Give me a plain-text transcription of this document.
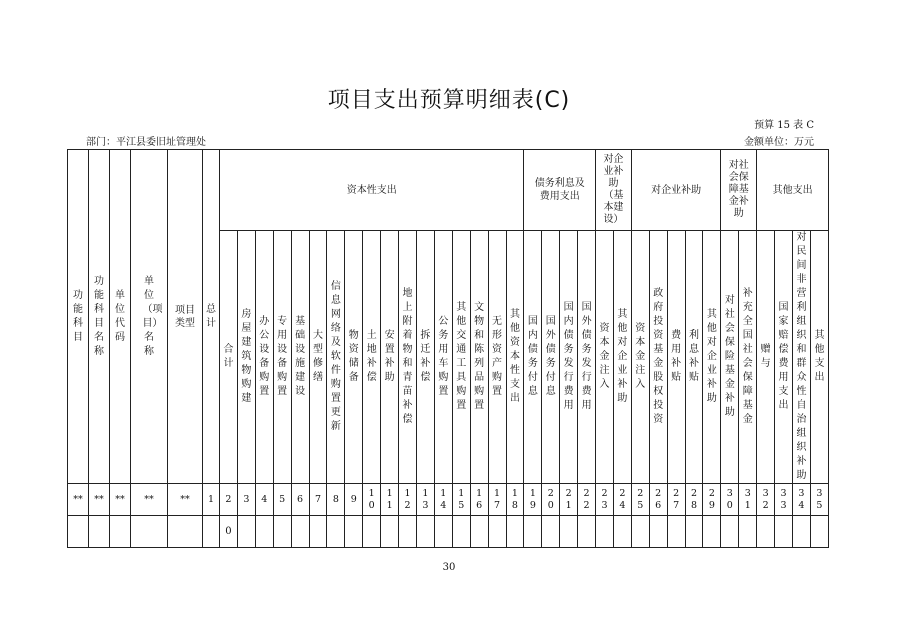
项目支出预算明细表(C)
预算 15 表 C
部门：平江县委旧址管理处	金额单位：万元
功能科目	功能科目名称	单位代码	单位（项目）名称	项目类型	总计	资本性支出																	债务利息及费用支出				对企业补助（基本建设）		对企业补助					对社会保障基金补助		其他支出			
						合计	房屋建筑物购建	办公设备购置	专用设备购置	基础设施建设	大型修缮	信息网络及软件购置更新	物资储备	土地补偿	安置补助	地上附着物和青苗补偿	拆迁补偿	公务用车购置	其他交通工具购置	文物和陈列品购置	无形资产购置	其他资本性支出	国内债务付息	国外债务付息	国内债务发行费用	国外债务发行费用	资本金注入	其他对企业补助	资本金注入	政府投资基金股权投资	费用补贴	利息补贴	其他对企业补助	对社会保险基金补助	补充全国社会保障基金	赠与	国家赔偿费用支出	对民间非营利组织和群众性自治组织补助	其他支出
**	**	**	**	**	1	2	3	4	5	6	7	8	9	10	11	12	13	14	15	16	17	18	19	20	21	22	23	24	25	26	27	28	29	30	31	32	33	34	35
						0																																	
30
